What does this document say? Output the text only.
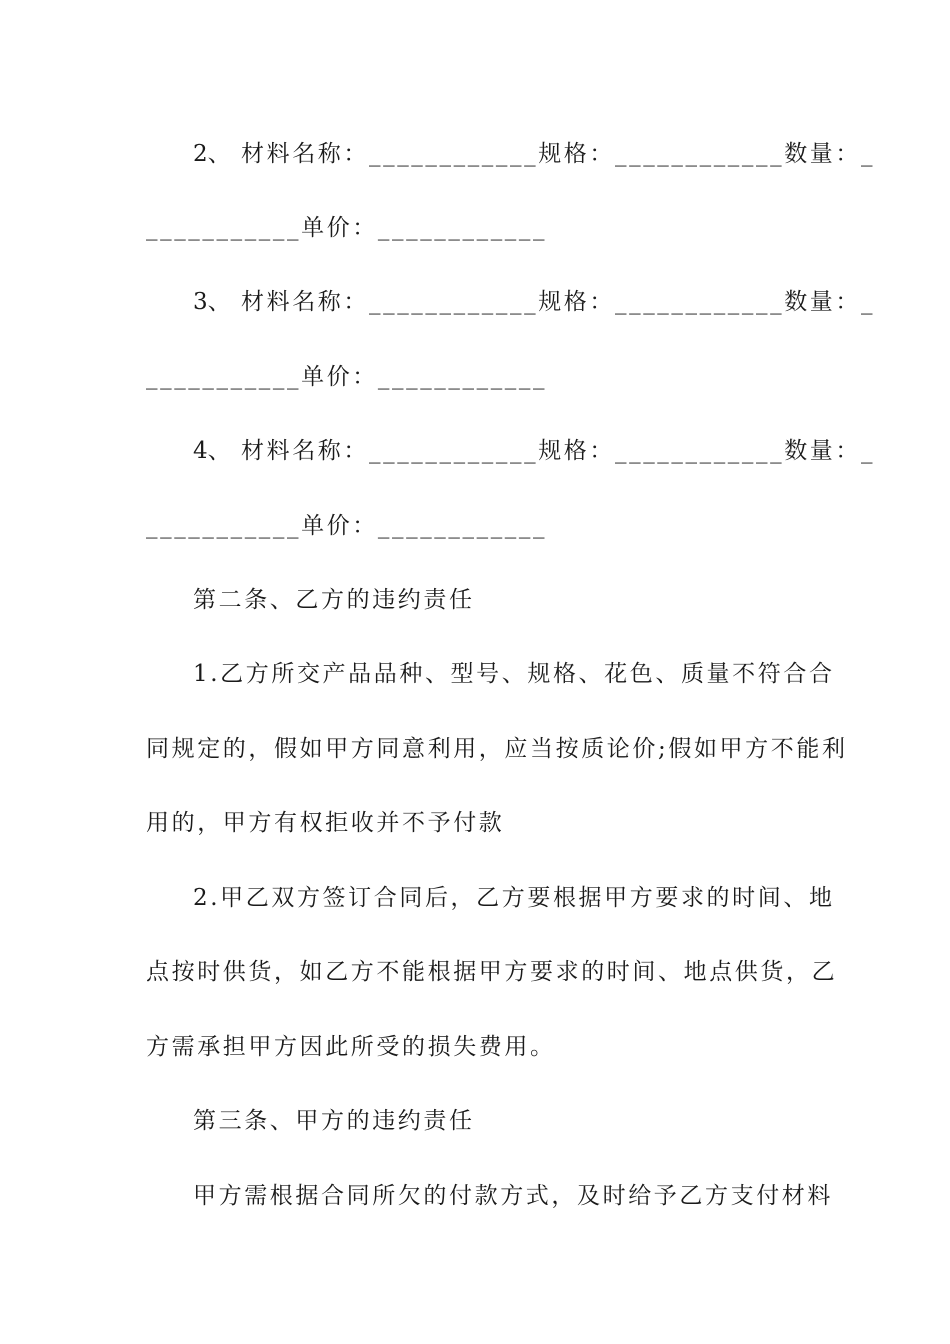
2、 材料名称：____________规格：____________数量：_
___________单价：____________
3、 材料名称：____________规格：____________数量：_
___________单价：____________
4、 材料名称：____________规格：____________数量：_
___________单价：____________
第二条、乙方的违约责任
1.乙方所交产品品种、型号、规格、花色、质量不符合合
同规定的，假如甲方同意利用，应当按质论价;假如甲方不能利
用的，甲方有权拒收并不予付款
2.甲乙双方签订合同后，乙方要根据甲方要求的时间、地
点按时供货，如乙方不能根据甲方要求的时间、地点供货，乙
方需承担甲方因此所受的损失费用。
第三条、甲方的违约责任
甲方需根据合同所欠的付款方式，及时给予乙方支付材料
